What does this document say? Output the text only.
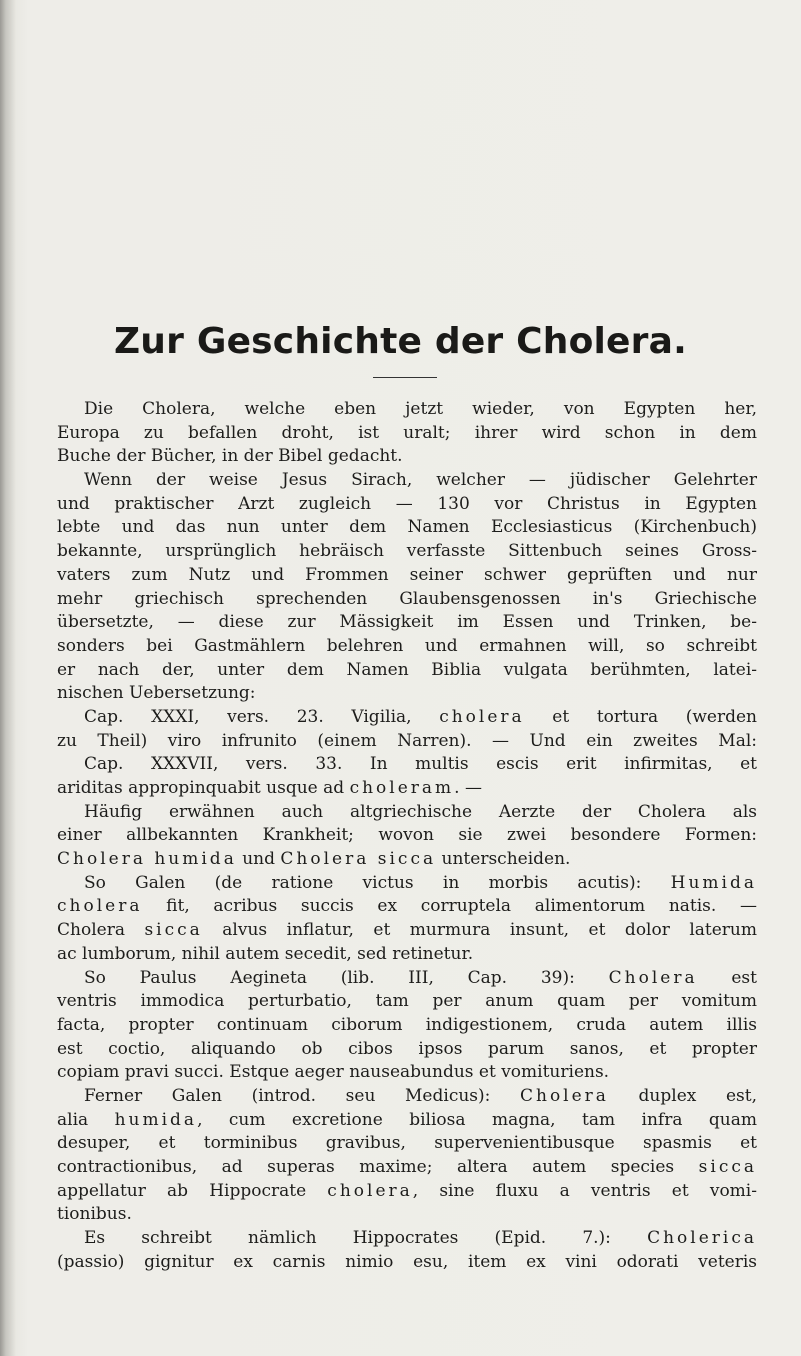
Zur Geschichte der Cholera.
Die Cholera, welche eben jetzt wieder, von Egypten her,
Europa zu befallen droht, ist uralt; ihrer wird schon in dem
Buche der Bücher, in der Bibel gedacht.
Wenn der weise Jesus Sirach, welcher — jüdischer Gelehrter
und praktischer Arzt zugleich — 130 vor Christus in Egypten
lebte und das nun unter dem Namen Ecclesiasticus (Kirchenbuch)
bekannte, ursprünglich hebräisch verfasste Sittenbuch seines Gross-
vaters zum Nutz und Frommen seiner schwer geprüften und nur
mehr griechisch sprechenden Glaubensgenossen in's Griechische
übersetzte, — diese zur Mässigkeit im Essen und Trinken, be-
sonders bei Gastmählern belehren und ermahnen will, so schreibt
er nach der, unter dem Namen Biblia vulgata berühmten, latei-
nischen Uebersetzung:
Cap. XXXI, vers. 23. Vigilia, cholera et tortura (werden
zu Theil) viro infrunito (einem Narren). — Und ein zweites Mal:
Cap. XXXVII, vers. 33. In multis escis erit infirmitas, et
ariditas appropinquabit usque ad choleram. —
Häufig erwähnen auch altgriechische Aerzte der Cholera als
einer allbekannten Krankheit; wovon sie zwei besondere Formen:
Cholera humida und Cholera sicca unterscheiden.
So Galen (de ratione victus in morbis acutis): Humida
cholera fit, acribus succis ex corruptela alimentorum natis. —
Cholera sicca alvus inflatur, et murmura insunt, et dolor laterum
ac lumborum, nihil autem secedit, sed retinetur.
So Paulus Aegineta (lib. III, Cap. 39): Cholera est
ventris immodica perturbatio, tam per anum quam per vomitum
facta, propter continuam ciborum indigestionem, cruda autem illis
est coctio, aliquando ob cibos ipsos parum sanos, et propter
copiam pravi succi. Estque aeger nauseabundus et vomituriens.
Ferner Galen (introd. seu Medicus): Cholera duplex est,
alia humida, cum excretione biliosa magna, tam infra quam
desuper, et torminibus gravibus, supervenientibusque spasmis et
contractionibus, ad superas maxime; altera autem species sicca
appellatur ab Hippocrate cholera, sine fluxu a ventris et vomi-
tionibus.
Es schreibt nämlich Hippocrates (Epid. 7.): Cholerica
(passio) gignitur ex carnis nimio esu, item ex vini odorati veteris
